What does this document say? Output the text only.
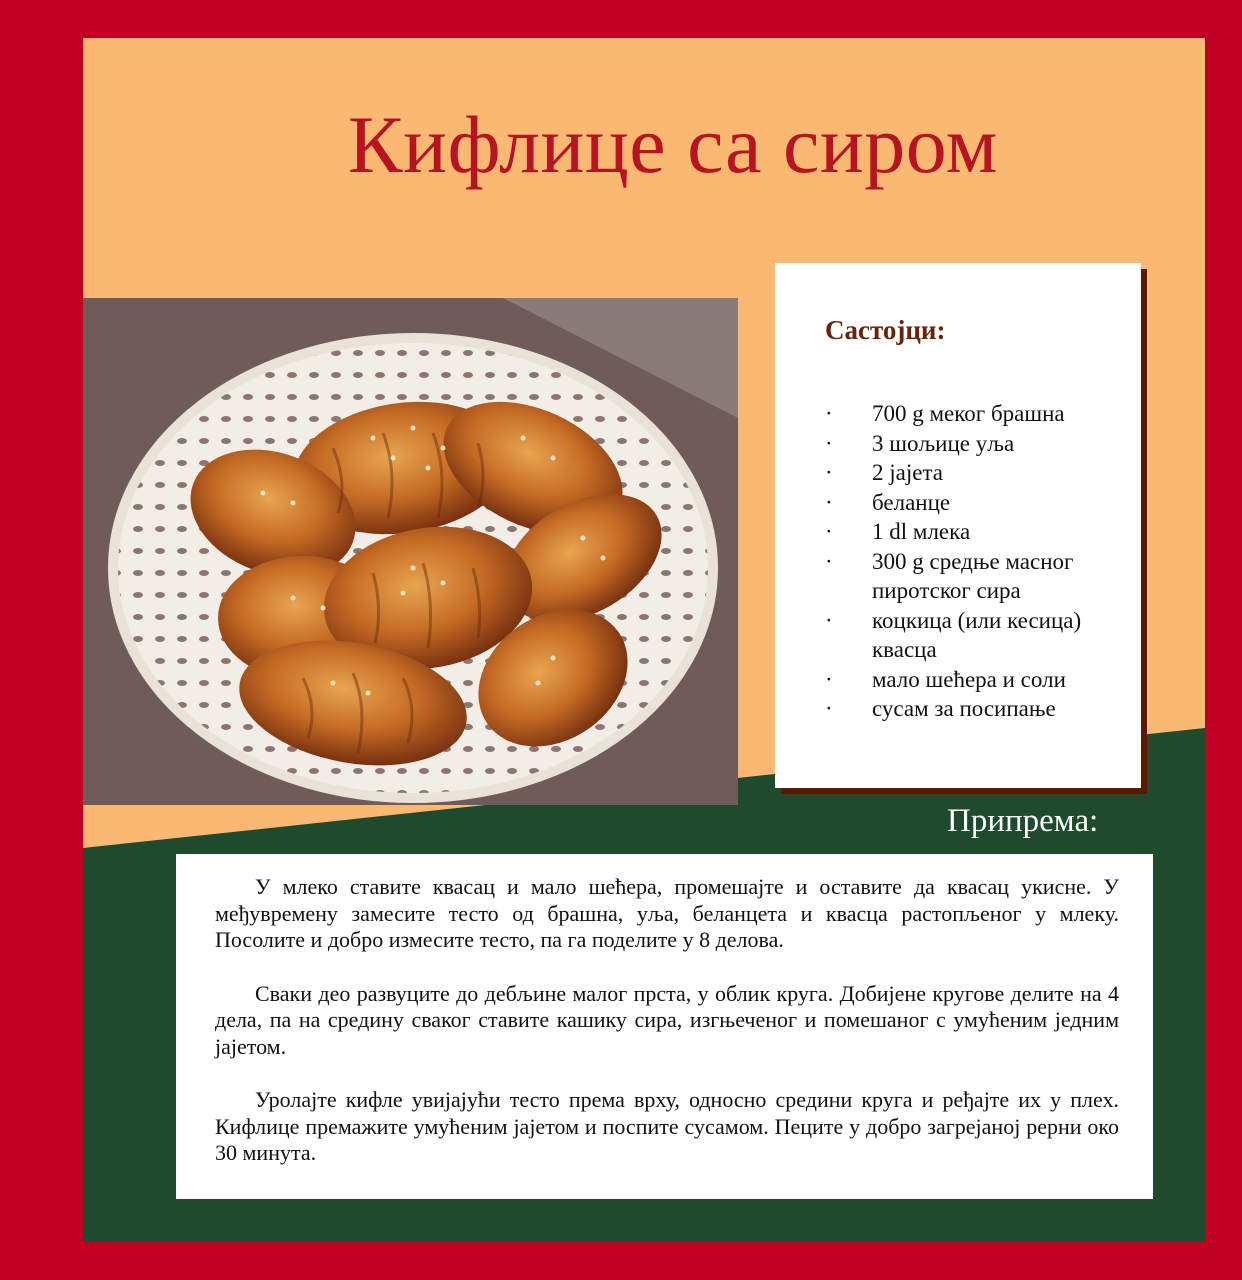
Кифлице са сиром
Састојци:
· 700 g меког брашна
· 3 шољице уља
· 2 јајета
· беланце
· 1 dl млека
· 300 g средње масног пиротског сира
· коцкица (или кесица) квасца
· мало шећера и соли
· сусам за посипање
Припрема:

У млеко ставите квасац и мало шећера, промешајте и оставите да квасац укисне. У међувремену замесите тесто од брашна, уља, беланцета и квасца растопљеног у млеку. Посолите и добро измесите тесто, па га поделите у 8 делова.

Сваки део развуците до дебљине малог прста, у облик круга. Добијене кругове делите на 4 дела, па на средину сваког ставите кашику сира, изгњеченог и помешаног с умућеним једним јајетом.

Уролајте кифле увијајући тесто према врху, односно средини круга и ређајте их у плех. Кифлице премажите умућеним јајетом и поспите сусамом. Пеците у добро загрејаној рерни око 30 минута.
